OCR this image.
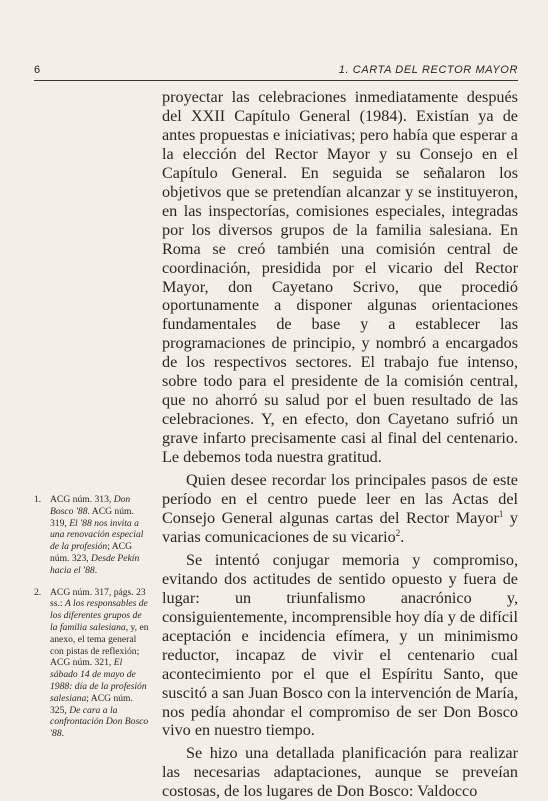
6	1. CARTA DEL RECTOR MAYOR

proyectar las celebraciones inmediatamente después del XXII Capítulo General (1984). Existían ya de antes propuestas e iniciativas; pero había que esperar a la elección del Rector Mayor y su Consejo en el Capítulo General. En seguida se señalaron los objetivos que se pretendían alcanzar y se instituyeron, en las inspectorías, comisiones especiales, integradas por los diversos grupos de la familia salesiana. En Roma se creó también una comisión central de coordinación, presidida por el vicario del Rector Mayor, don Cayetano Scrivo, que procedió oportunamente a disponer algunas orientaciones fundamentales de base y a establecer las programaciones de principio, y nombró a encargados de los respectivos sectores. El trabajo fue intenso, sobre todo para el presidente de la comisión central, que no ahorró su salud por el buen resultado de las celebraciones. Y, en efecto, don Cayetano sufrió un grave infarto precisamente casi al final del centenario. Le debemos toda nuestra gratitud.

Quien desee recordar los principales pasos de este período en el centro puede leer en las Actas del Consejo General algunas cartas del Rector Mayor$^1$ y varias comunicaciones de su vicario$^2$.

Se intentó conjugar memoria y compromiso, evitando dos actitudes de sentido opuesto y fuera de lugar: un triunfalismo anacrónico y, consiguientemente, incomprensible hoy día y de difícil aceptación e incidencia efímera, y un minimismo reductor, incapaz de vivir el centenario cual acontecimiento por el que el Espíritu Santo, que suscitó a san Juan Bosco con la intervención de María, nos pedía ahondar el compromiso de ser Don Bosco vivo en nuestro tiempo.

Se hizo una detallada planificación para realizar las necesarias adaptaciones, aunque se preveían costosas, de los lugares de Don Bosco: Valdocco

1. ACG núm. 313, Don Bosco '88. ACG núm. 319, El '88 nos invita a una renovación especial de la profesión; ACG núm. 323, Desde Pekín hacia el '88.
2. ACG núm. 317, págs. 23 ss.: A los responsables de los diferentes grupos de la familia salesiana, y, en anexo, el tema general con pistas de reflexión; ACG núm. 321, El sábado 14 de mayo de 1988: día de la profesión salesiana; ACG núm. 325, De cara a la confrontación Don Bosco '88.
